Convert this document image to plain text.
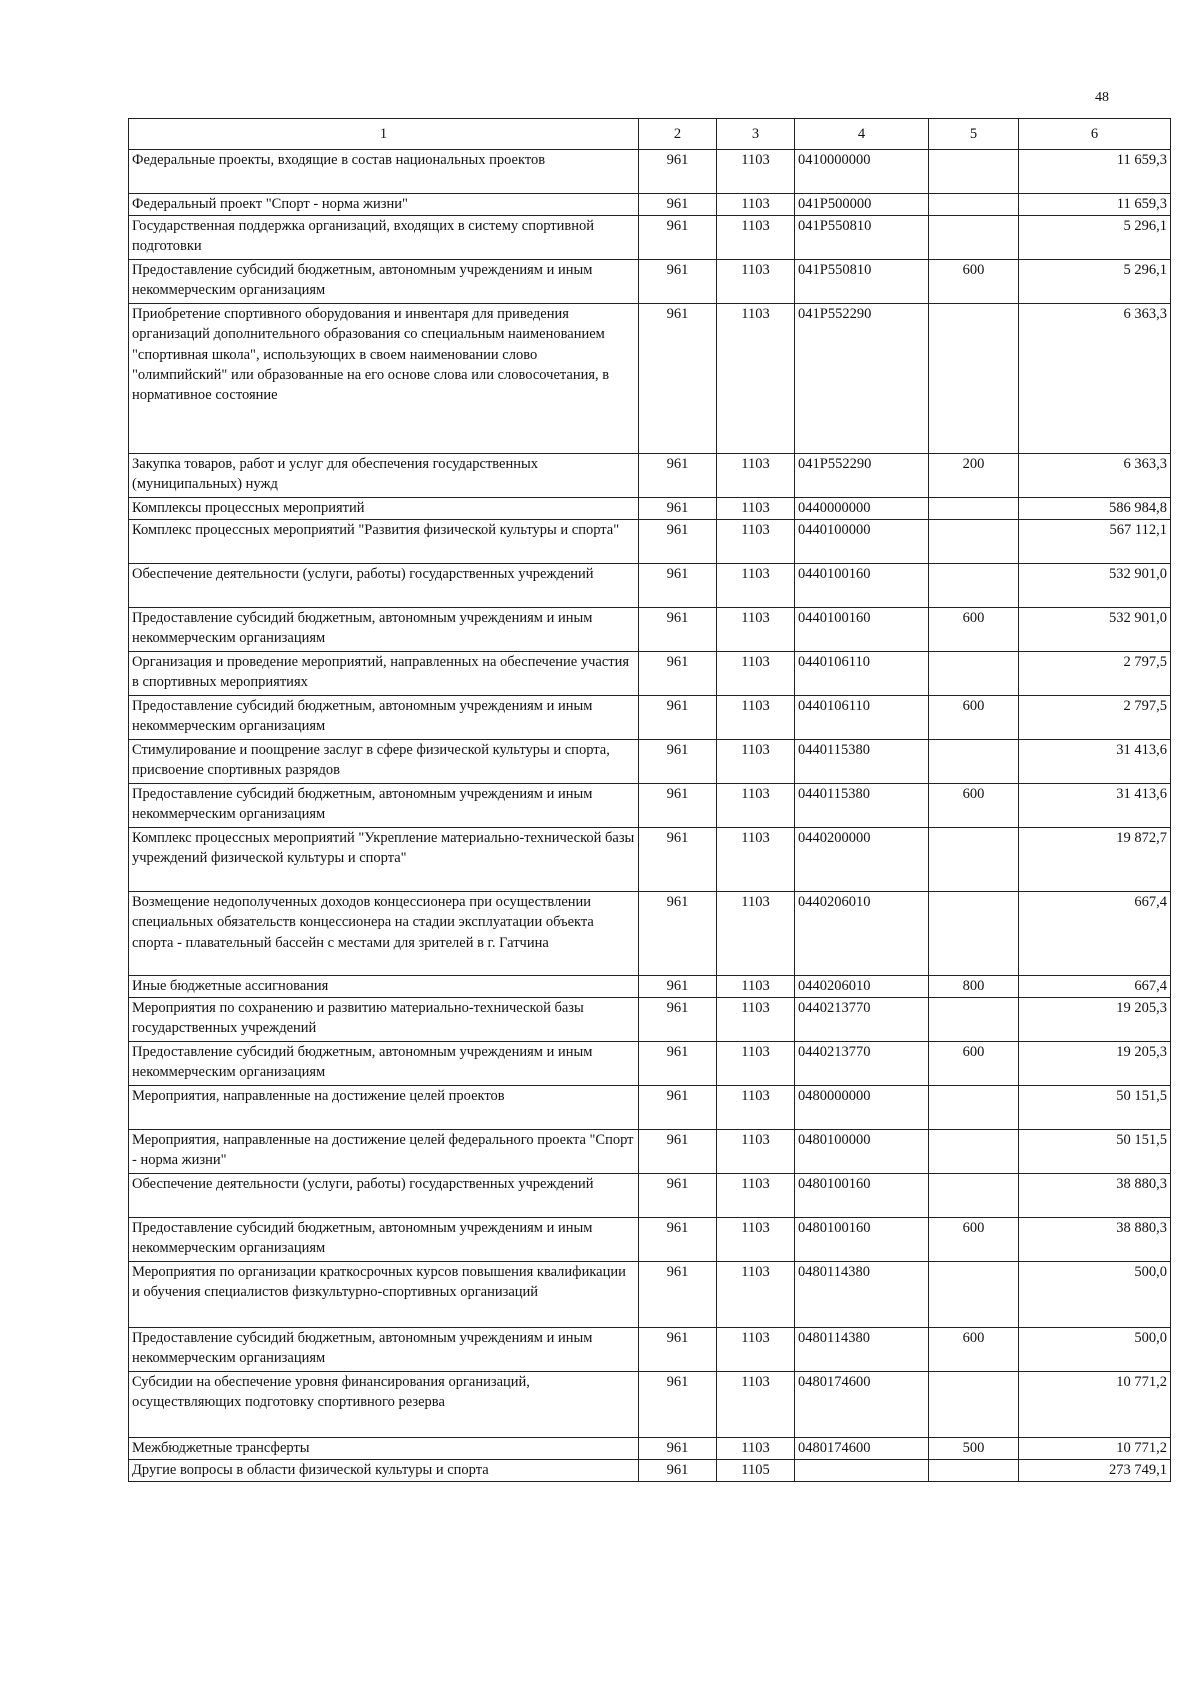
48
1	2	3	4	5	6
Федеральные проекты, входящие в состав национальных проектов	961	1103	0410000000		11 659,3
Федеральный проект "Спорт - норма жизни"	961	1103	041P500000		11 659,3
Государственная поддержка организаций, входящих в систему спортивной подготовки	961	1103	041P550810		5 296,1
Предоставление субсидий бюджетным, автономным учреждениям и иным некоммерческим организациям	961	1103	041P550810	600	5 296,1
Приобретение спортивного оборудования и инвентаря для приведения организаций дополнительного образования со специальным наименованием "спортивная школа", использующих в своем наименовании слово "олимпийский" или образованные на его основе слова или словосочетания, в нормативное состояние	961	1103	041P552290		6 363,3
Закупка товаров, работ и услуг для обеспечения государственных (муниципальных) нужд	961	1103	041P552290	200	6 363,3
Комплексы процессных мероприятий	961	1103	0440000000		586 984,8
Комплекс процессных мероприятий "Развития физической культуры и спорта"	961	1103	0440100000		567 112,1
Обеспечение деятельности (услуги, работы) государственных учреждений	961	1103	0440100160		532 901,0
Предоставление субсидий бюджетным, автономным учреждениям и иным некоммерческим организациям	961	1103	0440100160	600	532 901,0
Организация и проведение мероприятий, направленных на обеспечение участия в спортивных мероприятиях	961	1103	0440106110		2 797,5
Предоставление субсидий бюджетным, автономным учреждениям и иным некоммерческим организациям	961	1103	0440106110	600	2 797,5
Стимулирование и поощрение заслуг в сфере физической культуры и спорта, присвоение спортивных разрядов	961	1103	0440115380		31 413,6
Предоставление субсидий бюджетным, автономным учреждениям и иным некоммерческим организациям	961	1103	0440115380	600	31 413,6
Комплекс процессных мероприятий "Укрепление материально-технической базы учреждений физической культуры и спорта"	961	1103	0440200000		19 872,7
Возмещение недополученных доходов концессионера при осуществлении специальных обязательств концессионера на стадии эксплуатации объекта спорта - плавательный бассейн с местами для зрителей в г. Гатчина	961	1103	0440206010		667,4
Иные бюджетные ассигнования	961	1103	0440206010	800	667,4
Мероприятия по сохранению и развитию материально-технической базы государственных учреждений	961	1103	0440213770		19 205,3
Предоставление субсидий бюджетным, автономным учреждениям и иным некоммерческим организациям	961	1103	0440213770	600	19 205,3
Мероприятия, направленные на достижение целей проектов	961	1103	0480000000		50 151,5
Мероприятия, направленные на достижение целей федерального проекта "Спорт - норма жизни"	961	1103	0480100000		50 151,5
Обеспечение деятельности (услуги, работы) государственных учреждений	961	1103	0480100160		38 880,3
Предоставление субсидий бюджетным, автономным учреждениям и иным некоммерческим организациям	961	1103	0480100160	600	38 880,3
Мероприятия по организации краткосрочных курсов повышения квалификации и обучения специалистов физкультурно-спортивных организаций	961	1103	0480114380		500,0
Предоставление субсидий бюджетным, автономным учреждениям и иным некоммерческим организациям	961	1103	0480114380	600	500,0
Субсидии на обеспечение уровня финансирования организаций, осуществляющих подготовку спортивного резерва	961	1103	0480174600		10 771,2
Межбюджетные трансферты	961	1103	0480174600	500	10 771,2
Другие вопросы в области физической культуры и спорта	961	1105			273 749,1
